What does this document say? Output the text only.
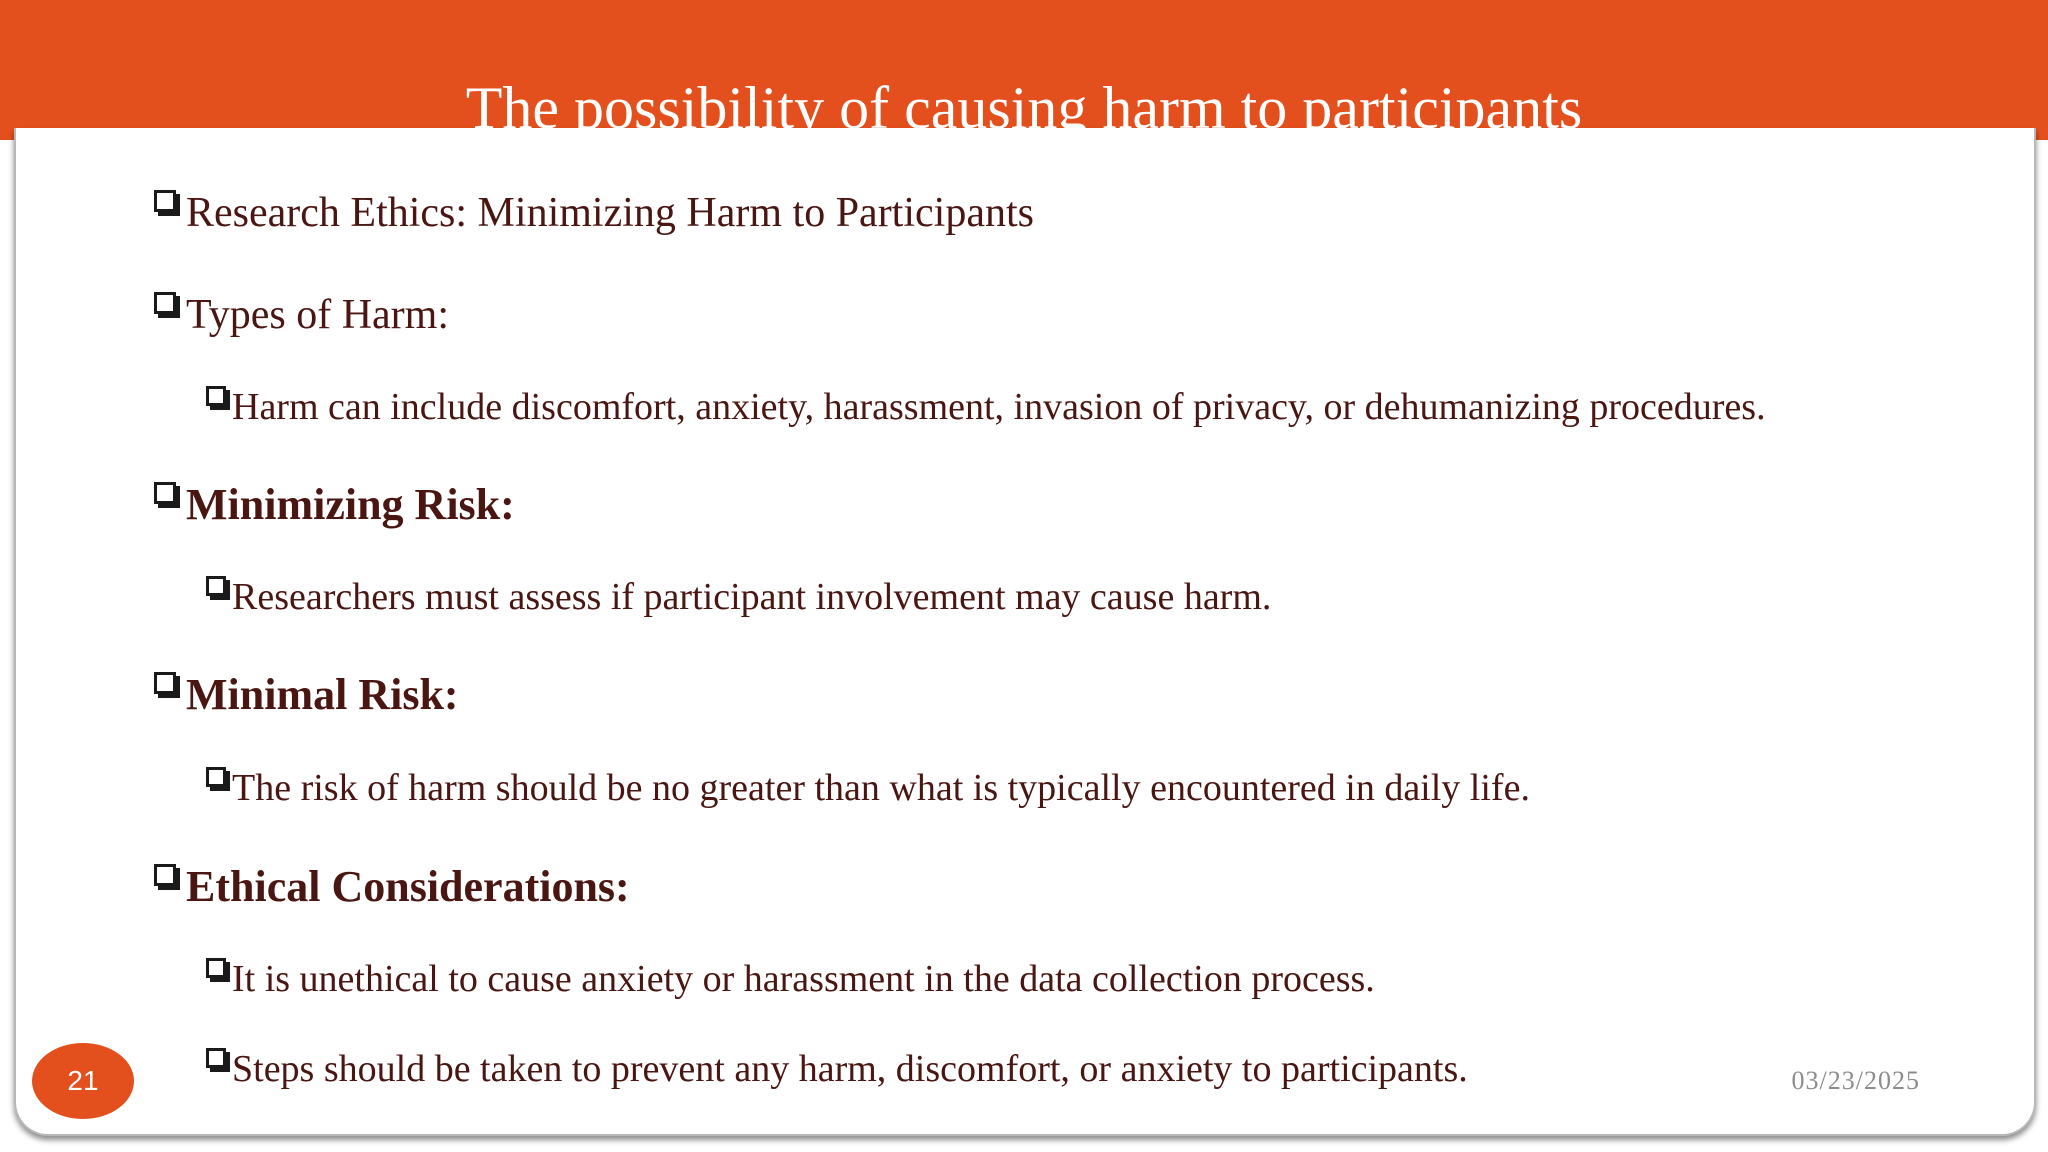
The possibility of causing harm to participants
Research Ethics: Minimizing Harm to Participants
Types of Harm:
Harm can include discomfort, anxiety, harassment, invasion of privacy, or dehumanizing procedures.
Minimizing Risk:
Researchers must assess if participant involvement may cause harm.
Minimal Risk:
The risk of harm should be no greater than what is typically encountered in daily life.
Ethical Considerations:
It is unethical to cause anxiety or harassment in the data collection process.
Steps should be taken to prevent any harm, discomfort, or anxiety to participants.
21	03/23/2025
